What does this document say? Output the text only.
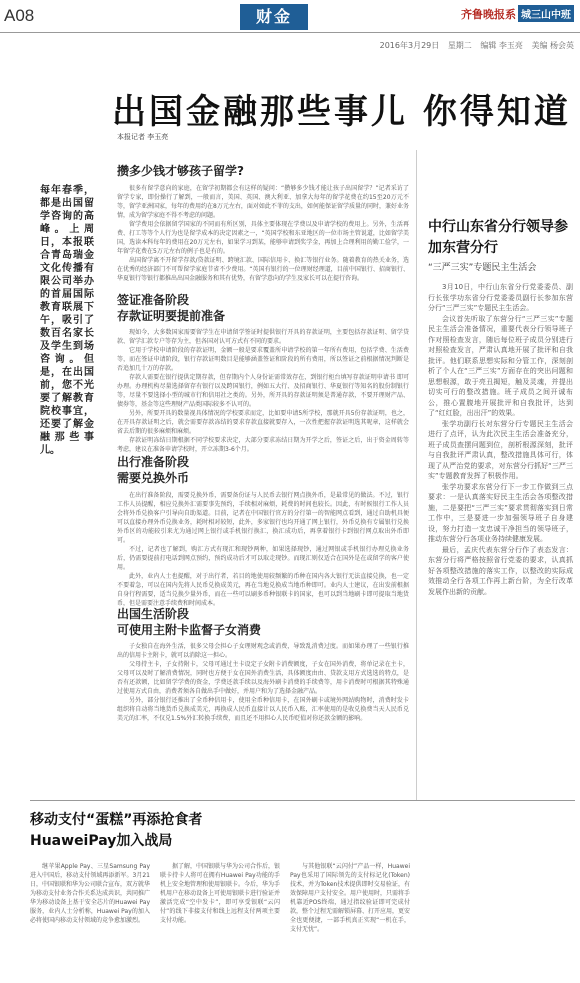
A08	财金	齐鲁晚报系 城三山中班
2016年3月29日 星期二 编辑 李玉亮 美编 杨会英
出国金融那些事儿 你得知道
本报记者 李玉亮
每年春季，都是出国留学咨询的高峰。上周日，本报联合青岛瑞金文化传播有限公司举办的首届国际教育联展下午，吸引了数百名家长及学生到场咨询。但是，在出国前，您不光要了解教育院校事宜，还要了解金融那些事儿。
攒多少钱才够孩子留学?

很多有留学意向的家庭，在留学初期都会有这样的疑问：“攒够多少钱才能让孩子出国留学？”记者采访了留学专家，即份操行了解到，一般而言，美国、英国、澳大利亚、加拿大每年的留学花费在约15至20万元不等，留学亚洲国家，每年的费用约在8万元左右，面对如此不菲的支出，如何能保证留学质量的同时，兼好业务情，成为留学家庭不得不考虑的问题。

留学费用会依据留学国家的不同而有所区别，具体主要体现在学费以及申请学校的费用上。另外，生活再费、打工等等个人行为也是留学成本的决定因素之一，“英国学校和东亚地区的一位市场主管说道，比如留学美国，选读本科每年的费用在20万元左右，如果学习到某，能够申请到奖学金，再加上合理利用的勤工俭学，一年留学花费在5万元左右的例子也是有的。

出国留学离不开留学存款/贷款证明、跨境汇款、国际信用卡、换汇等银行业务。随着教育的热关业务，选在优秀的经济部门不可帮留学家庭节省不少费用。“英国有银行的一位理财经理道，目前中国银行、招商银行、华夏银行等银行都推出出国金融服务和其有优势，有留学意向的学生及家长可以在提行咨询。

签证准备阶段
存款证明要提前准备

现如今，大多数国家需要留学生在申请留学签证时提供银行开具的存款证明，主要包括存款证明、留学贷款、留学汇款专户等存为主，但各国对认可方式有不同的要求。

它用于学校申请阶段的存款证明，金额一般是要求覆盖所申请学校的第一年所有费用，包括学费、生活费等，而在签证申请阶段，银行存款证明数目是能够涵盖签证和阶段的所有费用，所以签证之前根据情况判断是否追加几十万的存款。

存款人需要在银行提供定期存款，但存期内个人身份证需常效存在，到银行柜台填写存款证明申请书 即可办理。办理机构尽量选择留存有银行以及跨国银行，例如五大行、及招商银行、华夏银行等知名的股份制银行等，尽量不要选择小型的城市行和信用社之类的。另外，所开具的存款证明须是普通存款，不要开理财产品、债券等，基金等这些理财产品类国际较多不认可的。

另外，所要开具的数量视具体情况的学校要求而定，比如要申请5所学校，那就开具5份存款证明，也之，在开具存款证明之后，就会需要存款冻结的要求存款直接就要存入，一次性把握存款证明选其呢章，这样就会省去后期的很多麻烦和麻烦。

存款证明冻结日期根据不同学校要求决定，大部分要求冻结日期为开学之后，签证之后，出于资金周转等考虑，建议在准备申请学校时，开立冻期3-6个月。

出行准备阶段
需要兑换外币

在出行准备阶段，需要兑换外币，需要备份证与人民币去银行网点换外币，是最常见的做法。不过，银行工作人员提醒，相应兑换外汇需要事先预约，手续相对麻烦，耗费的时间也较长。因此，有时候银行工作人员会将外币兑换客户引导向自助渠道。目前，记者在中国银行官方的分行第一的智能网点看到，通过自助机具便可以直接办理外币兑换业务，耗时相对较短，此外，多家银行也均开通了网上银行，外币兑换有专属银行兑换外币区的功能较引来尤为通过网上银行或手机银行换汇，换汇成功后，再拿着银行卡到银行网点取出外币即可。

不过，记者也了解到，购汇方式有现汇和现钞两种，如果选择现钞，通过网银或手机银行办理兑换业务后，仍需要提前打电话到网点预约，预约成功后才可以取走现钞。而现汇则仅适合在国外是在或留学的客户使用。

此外，业内人士也提醒，对于出行者，若目的地使用较频繁的币种在国内各大银行无法直接兑换，也一定不要着急，可以在国内先将人民币兑换成美元，再在当地兑换成当地币种即可。业内人士建议，在出发前根据自身行程需要，适当兑换少量外币，而在一些可以刷多币种银联卡的国家，也可以到当地刷卡即可提取当地货币，但是需要注意手续费和时间成本。

出国生活阶段
可使用主附卡监督子女消费

子女独自在海外生活，很多父母会担心子女理财观念或消费，导致乱消费过度。而如果办理了一些银行推出的信用卡主附卡，就可以消除这一担心。

父母持主卡，子女持附卡，父母可通过主卡设定子女附卡消费额度，子女在国外消费，将单记录在主卡，父母可以及时了解消费情况，同时也方便于女在国外消费生活，具体额度由由、贷款支用方式选选的特点，是否有还款额，比如留学学费的资金，学费还款手续以及海外刷卡消费的手续费等，用卡消费时可根据其特殊通过使用方式自由，消费者须各自做出手中做好，并用户和为了选择金融产品。

另外，部分银行还推出了全币种信用卡，使用全币种信用卡，在国外刷卡或境外网站购物时，消费时发卡组织将自动将当地货币兑换成美元，再换成人民币直接计以人民币入账，汇率使用的是收兑换费当天人民币兑美元的汇率，不仅兑1.5%外汇转换手续费，而且还不用担心人民币贬值对你还款金额的影响。

中行山东省分行领导参加东营分行
“三严三实”专题民主生活会

3月10日，中行山东省分行党委委员、副行长张学功东省分行党委委员副行长参加东营分行“三严三实”专题民主生活会。

会议首先听取了东营分行“三严三实”专题民主生活会准备情况，重要代表分行领导班子作对照检查发言，随后每位班子成员分别进行对照检查发言，严肃认真地开展了批评和自我批评。他们联系思想实际和分管工作，深刻剖析了个人在“三严三实”方面存在的突出问题和思想根源，敢于亮丑揭短，触及灵魂，并提出切实可行的整改措施。班子成员之间开诚布公，推心置腹地开展批评和自我批评，达到了“红红脸，出出汗”的效果。

张学功副行长对东营分行专题民主生活会进行了点评，认为此次民主生活会准备充分，班子成员查摆问题到位，剖析根源深刻，批评与自我批评严肃认真，整改措施具体可行，体现了从严治党的要求，对东营分行抓好“三严三实”专题教育发挥了积极作用。

张学功要求东营分行下一步工作做到三点要求：一是认真落实好民主生活会各项整改措施，二是要把“三严三实”要求贯彻落实到日常工作中，三是要进一步加强领导班子自身建设，努力打造一支忠诚干净担当的领导班子，推动东营分行各项业务持续健康发展。

最后，孟庆代表东营分行作了表态发言：东营分行将严格按照省行党委的要求，认真抓好各项整改措施的落实工作，以整改的实际成效推动全行各项工作再上新台阶，为全行改革发展作出新的贡献。

移动支付“蛋糕”再添抢食者
HuaweiPay加入战局

继苹果Apple Pay、三星Samsung Pay进入中国后，移动支付领域再添新军。3月21日，中国银联和华为公司联合宣布，双方就华为移动支付业务合作关系达成共识，共同推广华为移动设备上基于安全芯片的Huawei Pay服务，业内人士分析称，Huawei Pay的加入必将使国内移动支付领域的竞争愈加激烈。

据了解，中国银联与华为公司合作后，银联卡持卡人将可在拥有Huawei Pay功能的手机上安全地管理和使用银联卡。今后，华为手机用户在移动设备上可使用银联卡进行验证并激活完成“空中发卡”，即可享受银联“云闪付”的线下非接支付和线上远程支付两项主要支付功能。

与其他银联“云闪付”产品一样，HuaweiPay也采用了国际领先的支付标记化(Token)技术，并为Token技术提供即时交易验证，有效保障用户支付安全。用户使用时，只需将手机靠近POS终端，通过指纹验证即可完成付款，整个过程无需解锁屏幕、打开应用，更安全也更便捷，一部手机真正实现“一机在手，支付无忧”。
